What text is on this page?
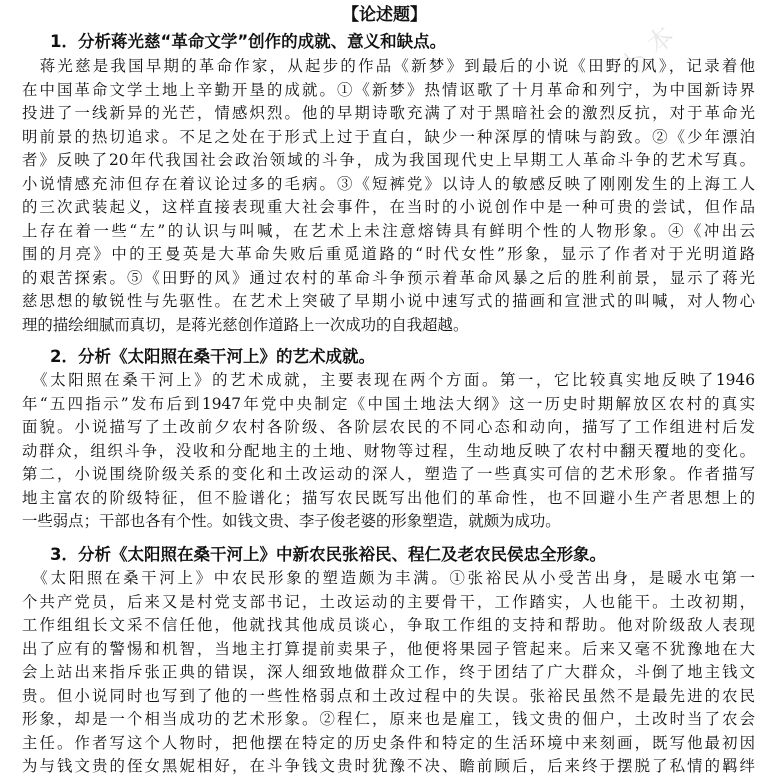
卜 本
【论述题】
1．分析蒋光慈“革命文学”创作的成就、意义和缺点。
　蒋光慈是我国早期的革命作家，从起步的作品《新梦》到最后的小说《田野的风》，记录着他
在中国革命文学土地上辛勤开垦的成就。①《新梦》热情讴歌了十月革命和列宁，为中国新诗界
投进了一线新异的光芒，情感炽烈。他的早期诗歌充满了对于黑暗社会的激烈反抗，对于革命光
明前景的热切追求。不足之处在于形式上过于直白，缺少一种深厚的情味与韵致。②《少年漂泊
者》反映了20年代我国社会政治领域的斗争，成为我国现代史上早期工人革命斗争的艺术写真。
小说情感充沛但存在着议论过多的毛病。③《短裤党》以诗人的敏感反映了刚刚发生的上海工人
的三次武装起义，这样直接表现重大社会事件，在当时的小说创作中是一种可贵的尝试，但作品
上存在着一些“左”的认识与叫喊，在艺术上未注意熔铸具有鲜明个性的人物形象。④《冲出云
围的月亮》中的王曼英是大革命失败后重觅道路的“时代女性”形象，显示了作者对于光明道路
的艰苦探索。⑤《田野的风》通过农村的革命斗争预示着革命风暴之后的胜利前景，显示了蒋光
慈思想的敏锐性与先驱性。在艺术上突破了早期小说中速写式的描画和宣泄式的叫喊，对人物心
理的描绘细腻而真切，是蒋光慈创作道路上一次成功的自我超越。
2．分析《太阳照在桑干河上》的艺术成就。
　《太阳照在桑干河上》的艺术成就，主要表现在两个方面。第一，它比较真实地反映了1946
年“五四指示”发布后到1947年党中央制定《中国土地法大纲》这一历史时期解放区农村的真实
面貌。小说描写了土改前夕农村各阶级、各阶层农民的不同心态和动向，描写了工作组进村后发
动群众，组织斗争，没收和分配地主的土地、财物等过程，生动地反映了农村中翻天覆地的变化。
第二，小说围绕阶级关系的变化和土改运动的深人，塑造了一些真实可信的艺术形象。作者描写
地主富农的阶级特征，但不脸谱化；描写农民既写出他们的革命性，也不回避小生产者思想上的
一些弱点；干部也各有个性。如钱文贵、李子俊老婆的形象塑造，就颇为成功。
3．分析《太阳照在桑干河上》中新农民张裕民、程仁及老农民侯忠全形象。
　《太阳照在桑干河上》中农民形象的塑造颇为丰满。①张裕民从小受苦出身，是暖水屯第一
个共产党员，后来又是村党支部书记，土改运动的主要骨干，工作踏实，人也能干。土改初期，
工作组组长文采不信任他，他就找其他成员谈心，争取工作组的支持和帮助。他对阶级敌人表现
出了应有的警惕和机智，当地主打算提前卖果子，他便将果园子管起来。后来又毫不犹豫地在大
会上站出来指斥张正典的错误，深人细致地做群众工作，终于团结了广大群众，斗倒了地主钱文
贵。但小说同时也写到了他的一些性格弱点和土改过程中的失误。张裕民虽然不是最先进的农民
形象，却是一个相当成功的艺术形象。②程仁，原来也是雇工，钱文贵的佃户，土改时当了农会
主任。作者写这个人物时，把他摆在特定的历史条件和特定的生活环境中来刻画，既写他最初因
为与钱文贵的侄女黑妮相好，在斗争钱文贵时犹豫不决、瞻前顾后，后来终于摆脱了私情的羁绊
